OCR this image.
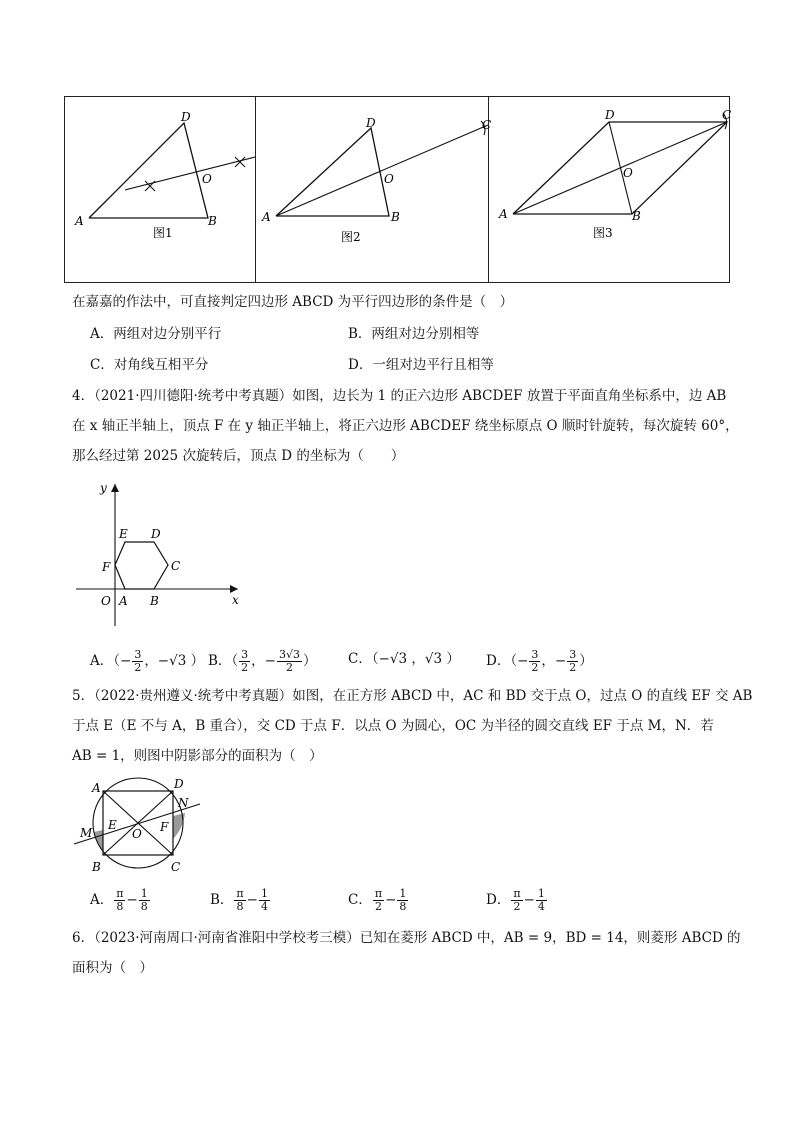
D
O
A	B
图1
D
O
A	B
C
图2
D
O
A	B
C
图3
在嘉嘉的作法中，可直接判定四边形 ABCD 为平行四边形的条件是（　）
A．两组对边分别平行	B．两组对边分别相等
C．对角线互相平分	D．一组对边平行且相等
4．（2021·四川德阳·统考中考真题）如图，边长为 1 的正六边形 ABCDEF 放置于平面直角坐标系中，边 AB
在 x 轴正半轴上，顶点 F 在 y 轴正半轴上，将正六边形 ABCDEF 绕坐标原点 O 顺时针旋转，每次旋转 60°，
那么经过第 2025 次旋转后，顶点 D 的坐标为（　　）
y
x
O A B
C
D
E
F
A．（− $\frac{3}{2}$ ，−√3 ） B．（ $\frac{3}{2}$ ，− $\frac{3√3}{2}$ ） C．（−√3 ，√3 ） D．（− $\frac{3}{2}$ ，− $\frac{3}{2}$ ）
5．（2022·贵州遵义·统考中考真题）如图，在正方形 ABCD 中，AC 和 BD 交于点 O，过点 O 的直线 EF 交 AB
于点 E（E 不与 A，B 重合），交 CD 于点 F．以点 O 为圆心，OC 为半径的圆交直线 EF 于点 M，N．若
AB = 1，则图中阴影部分的面积为（　）
A	D
N
M
E
O F
B	C
A． $\frac{\pi}{8} - \frac{1}{8}$	B． $\frac{\pi}{8} - \frac{1}{4}$	C． $\frac{\pi}{2} - \frac{1}{8}$	D． $\frac{\pi}{2} - \frac{1}{4}$
6．（2023·河南周口·河南省淮阳中学校考三模）已知在菱形 ABCD 中，AB = 9，BD = 14，则菱形 ABCD 的
面积为（　）
